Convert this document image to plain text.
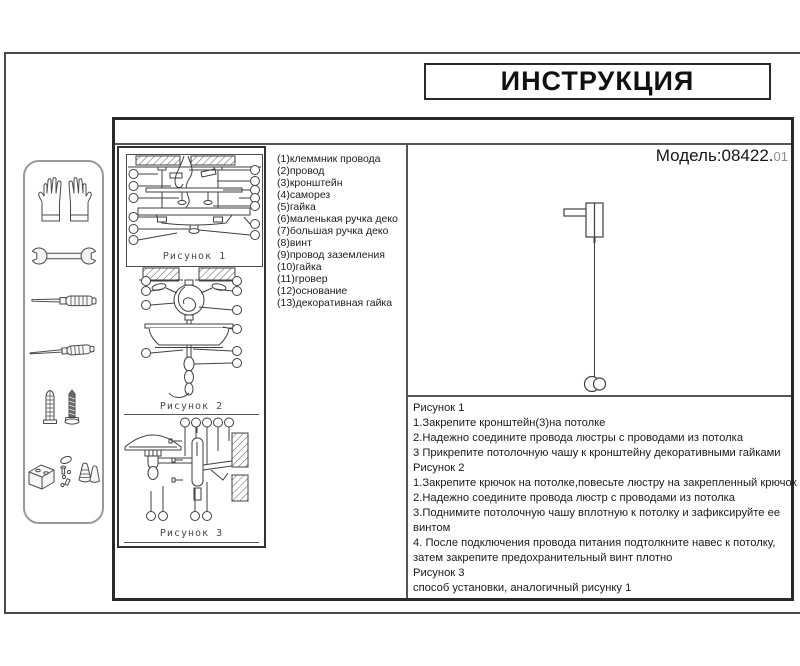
ИНСТРУКЦИЯ
Модель:08422.01
Рисунок 1
Рисунок 2
Рисунок 3
(1)клеммник провода
(2)провод
(3)кронштейн
(4)саморез
(5)гайка
(6)маленькая ручка деко
(7)большая ручка деко
(8)винт
(9)провод заземления
(10)гайка
(11)гровер
(12)основание
(13)декоративная гайка
Рисунок 1
1.Закрепите кронштейн(3)на потолке
2.Надежно соедините провода люстры с проводами из потолка
3 Прикрепите потолочную чашу к кронштейну декоративными гайками
Рисунок 2
1.Закрепите крючок на потолке,повесьте люстру на закрепленный крючок
2.Надежно соедините провода люстр с проводами из потолка
3.Поднимите потолочную чашу вплотную к потолку и зафиксируйте ее
винтом
4. После подключения провода питания подтолкните навес к потолку,
затем закрепите предохранительный винт плотно
Рисунок 3
способ установки, аналогичный рисунку 1
